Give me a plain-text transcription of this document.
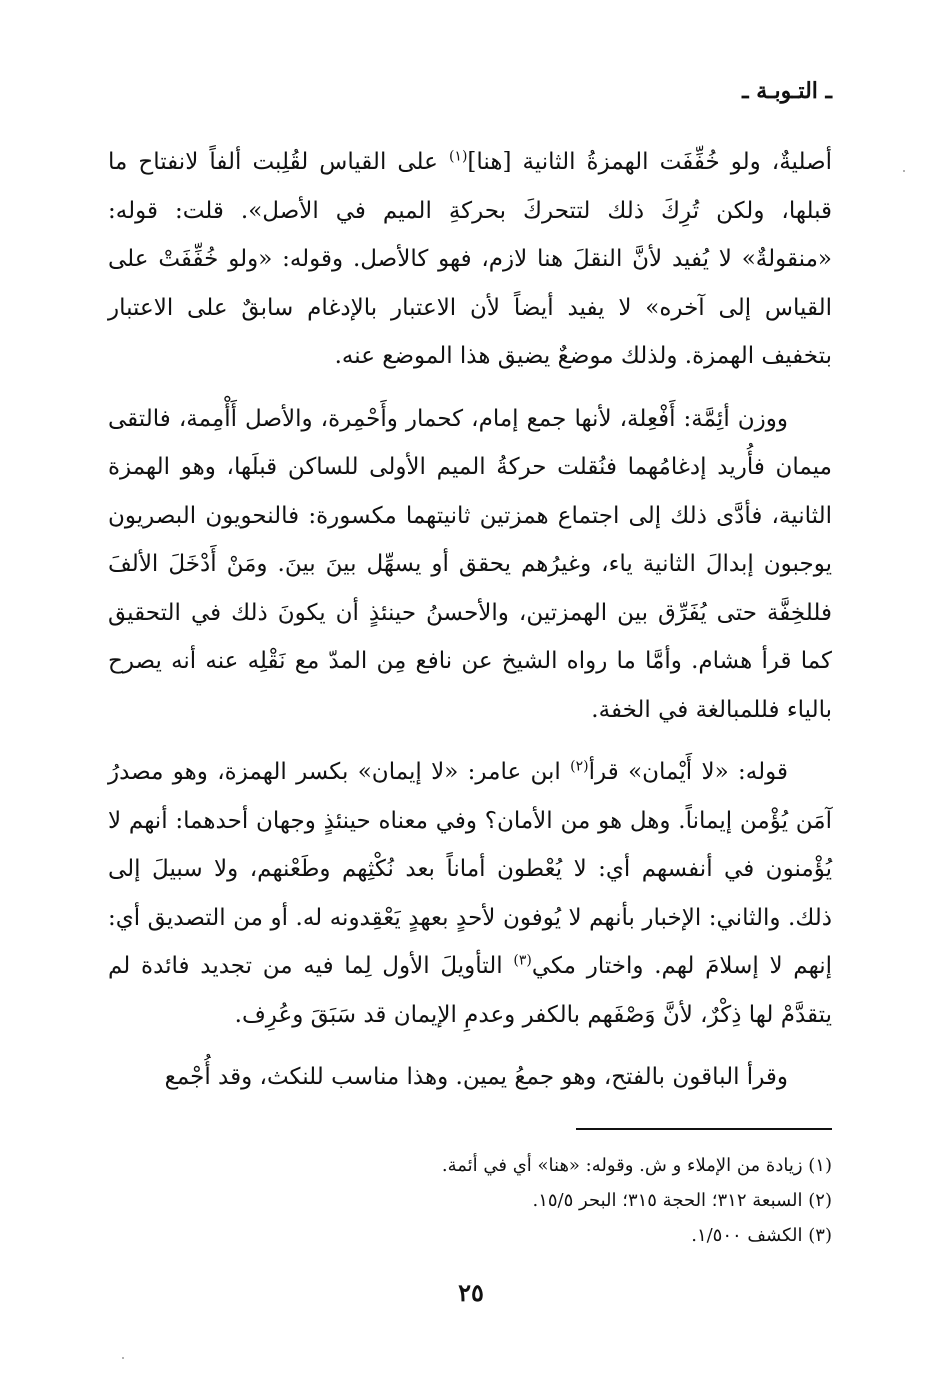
ـ التـوبـة ـ

أصليةٌ، ولو خُفِّفَت الهمزةُ الثانية [هنا]$^{(١)}$ على القياس لقُلِبت ألفاً لانفتاح ما قبلها، ولكن تُرِكَ ذلك لتتحركَ بحركةِ الميم في الأصل». قلت: قوله: «منقولةٌ» لا يُفيد لأنَّ النقلَ هنا لازم، فهو كالأصل. وقوله: «ولو خُفِّفَتْ على القياس إلى آخره» لا يفيد أيضاً لأن الاعتبار بالإدغام سابقٌ على الاعتبار بتخفيف الهمزة. ولذلك موضعٌ يضيق هذا الموضع عنه.

ووزن أئِمَّة: أَفْعِلة، لأنها جمع إمام، كحمار وأَحْمِرة، والأصل أَأْمِمة، فالتقى ميمان فأُريد إدغامُهما فنُقلت حركةُ الميم الأولى للساكن قبلَها، وهو الهمزة الثانية، فأدَّى ذلك إلى اجتماع همزتين ثانيتهما مكسورة: فالنحويون البصريون يوجبون إبدالَ الثانية ياء، وغيرُهم يحقق أو يسهِّل بينَ بينَ. ومَنْ أَدْخَلَ الألفَ فللخِفَّة حتى يُفَرِّق بين الهمزتين، والأحسنُ حينئذٍ أن يكونَ ذلك في التحقيق كما قرأ هشام. وأمَّا ما رواه الشيخ عن نافع مِن المدّ مع نَقْلِه عنه أنه يصرح بالياء فللمبالغة في الخفة.

قوله: «لا أَيْمان» قرأ$^{(٢)}$ ابن عامر: «لا إيمان» بكسر الهمزة، وهو مصدرُ آمَن يُؤْمن إيماناً. وهل هو من الأمان؟ وفي معناه حينئذٍ وجهان أحدهما: أنهم لا يُؤْمنون في أنفسهم أي: لا يُعْطون أماناً بعد نُكْثِهم وطَعْنهم، ولا سبيلَ إلى ذلك. والثاني: الإخبار بأنهم لا يُوفون لأحدٍ بعهدٍ يَعْقِدونه له. أو من التصديق أي: إنهم لا إسلامَ لهم. واختار مكي$^{(٣)}$ التأويلَ الأول لِما فيه من تجديد فائدة لم يتقدَّمْ لها ذِكْرٌ، لأنَّ وَصْفَهم بالكفر وعدمِ الإيمان قد سَبَقَ وعُرِف.

وقرأ الباقون بالفتح، وهو جمعُ يمين. وهذا مناسب للنكث، وقد أُجْمع

(١) زيادة من الإملاء و ش. وقوله: «هنا» أي في أئمة.
(٢) السبعة ٣١٢؛ الحجة ٣١٥؛ البحر ١٥/٥.
(٣) الكشف ١/٥٠٠.
٢٥
